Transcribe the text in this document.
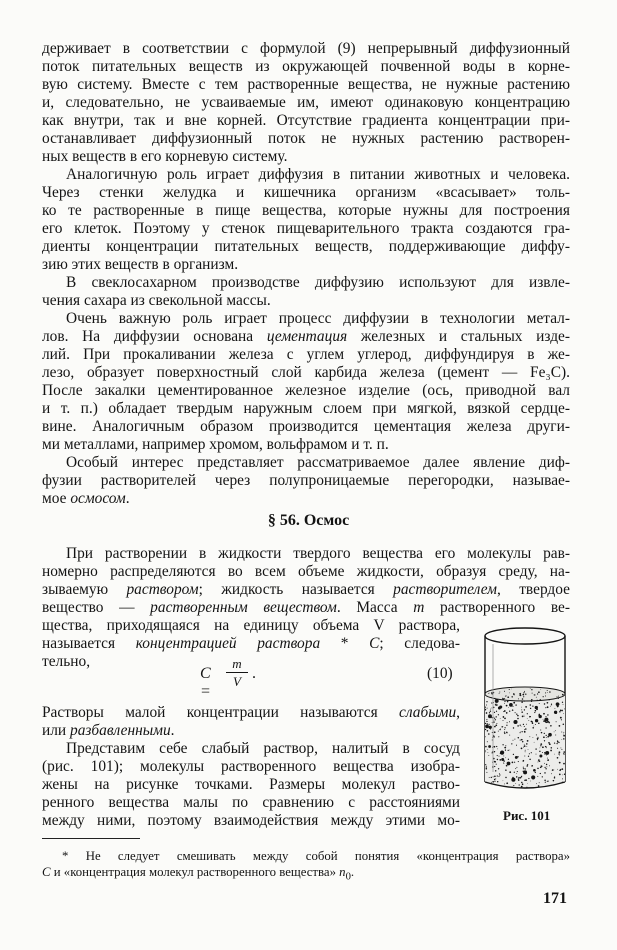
держивает в соответствии с формулой (9) непрерывный диффузионный
поток питательных веществ из окружающей почвенной воды в корне-
вую систему. Вместе с тем растворенные вещества, не нужные растению
и, следовательно, не усваиваемые им, имеют одинаковую концентрацию
как внутри, так и вне корней. Отсутствие градиента концентрации при-
останавливает диффузионный поток не нужных растению растворен-
ных веществ в его корневую систему.
Аналогичную роль играет диффузия в питании животных и человека.
Через стенки желудка и кишечника организм «всасывает» толь-
ко те растворенные в пище вещества, которые нужны для построения
его клеток. Поэтому у стенок пищеварительного тракта создаются гра-
диенты концентрации питательных веществ, поддерживающие диффу-
зию этих веществ в организм.
В свеклосахарном производстве диффузию используют для извле-
чения сахара из свекольной массы.
Очень важную роль играет процесс диффузии в технологии метал-
лов. На диффузии основана цементация железных и стальных изде-
лий. При прокаливании железа с углем углерод, диффундируя в же-
лезо, образует поверхностный слой карбида железа (цемент — Fe₃C).
После закалки цементированное железное изделие (ось, приводной вал
и т. п.) обладает твердым наружным слоем при мягкой, вязкой сердце-
вине. Аналогичным образом производится цементация железа други-
ми металлами, например хромом, вольфрамом и т. п.
Особый интерес представляет рассматриваемое далее явление диф-
фузии растворителей через полупроницаемые перегородки, называе-
мое осмосом.
§ 56. Осмос
При растворении в жидкости твердого вещества его молекулы рав-
номерно распределяются во всем объеме жидкости, образуя среду, на-
зываемую раствором; жидкость называется растворителем, твердое
вещество — растворенным веществом. Масса m растворенного ве-
щества, приходящаяся на единицу объема V раствора,
называется концентрацией раствора * C; следова-
тельно,
C =
m
V .	(10)
Растворы малой концентрации называются слабыми,
или разбавленными.
Представим себе слабый раствор, налитый в сосуд
(рис. 101); молекулы растворенного вещества изобра-
жены на рисунке точками. Размеры молекул раство-
ренного вещества малы по сравнению с расстояниями
между ними, поэтому взаимодействия между этими мо-	Рис. 101
* Не следует смешивать между собой понятия «концентрация раствора»
C и «концентрация молекул растворенного вещества» $n_0$.
171
